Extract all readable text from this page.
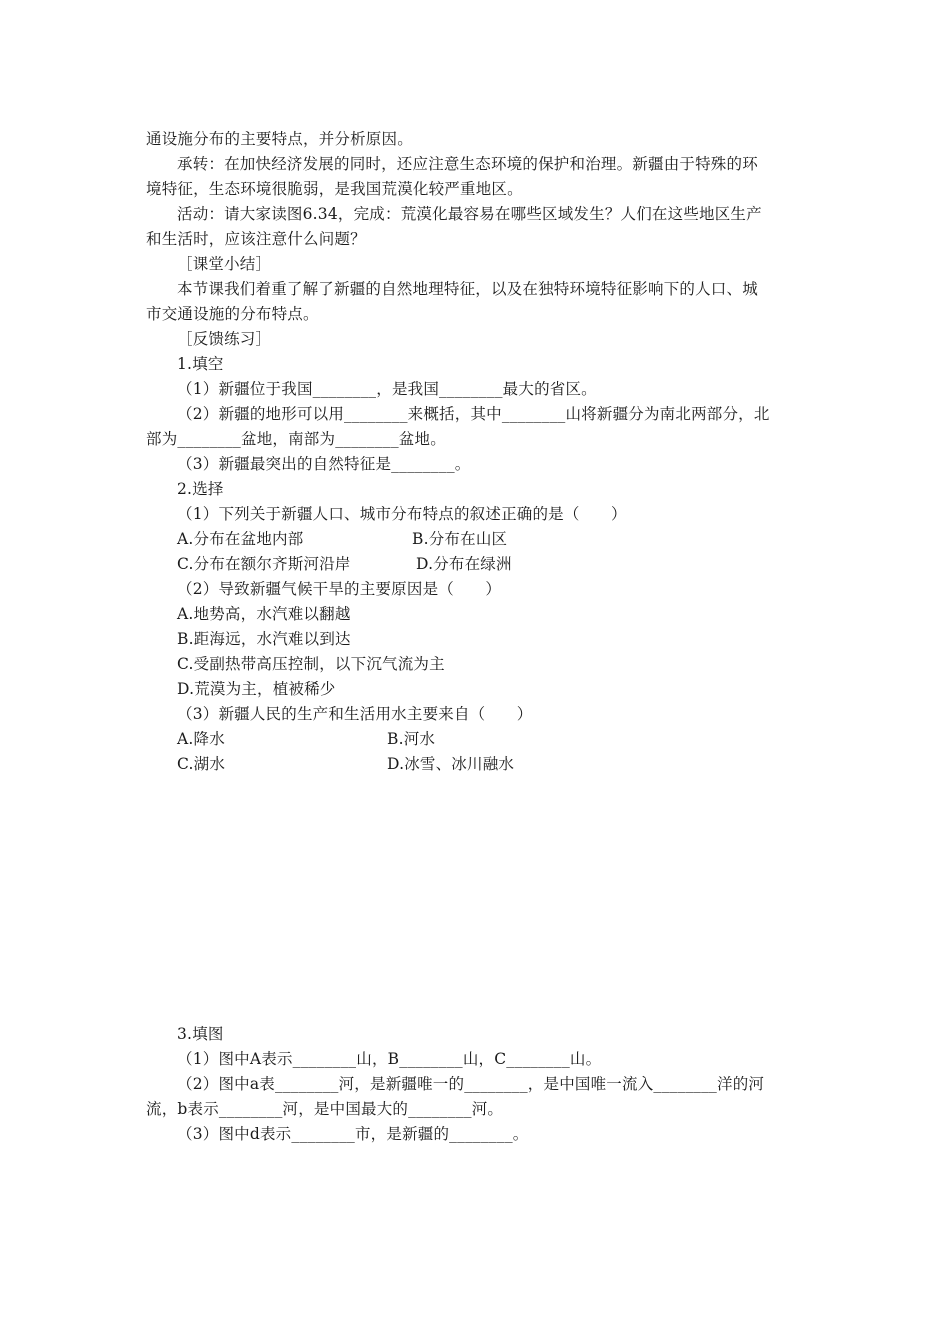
通设施分布的主要特点，并分析原因。
承转：在加快经济发展的同时，还应注意生态环境的保护和治理。新疆由于特殊的环
境特征，生态环境很脆弱，是我国荒漠化较严重地区。
活动：请大家读图6.34，完成：荒漠化最容易在哪些区域发生？人们在这些地区生产
和生活时，应该注意什么问题？
［课堂小结］
本节课我们着重了解了新疆的自然地理特征，以及在独特环境特征影响下的人口、城
市交通设施的分布特点。
［反馈练习］
1.填空
（1）新疆位于我国________，是我国________最大的省区。
（2）新疆的地形可以用________来概括，其中________山将新疆分为南北两部分，北
部为________盆地，南部为________盆地。
（3）新疆最突出的自然特征是________。
2.选择
（1）下列关于新疆人口、城市分布特点的叙述正确的是（　　）
A.分布在盆地内部	B.分布在山区
C.分布在额尔齐斯河沿岸	D.分布在绿洲
（2）导致新疆气候干旱的主要原因是（　　）
A.地势高，水汽难以翻越
B.距海远，水汽难以到达
C.受副热带高压控制，以下沉气流为主
D.荒漠为主，植被稀少
（3）新疆人民的生产和生活用水主要来自（　　）
A.降水	B.河水
C.湖水	D.冰雪、冰川融水
3.填图
（1）图中A表示________山，B________山，C________山。
（2）图中a表________河，是新疆唯一的________，是中国唯一流入________洋的河
流，b表示________河，是中国最大的________河。
（3）图中d表示________市，是新疆的________。
